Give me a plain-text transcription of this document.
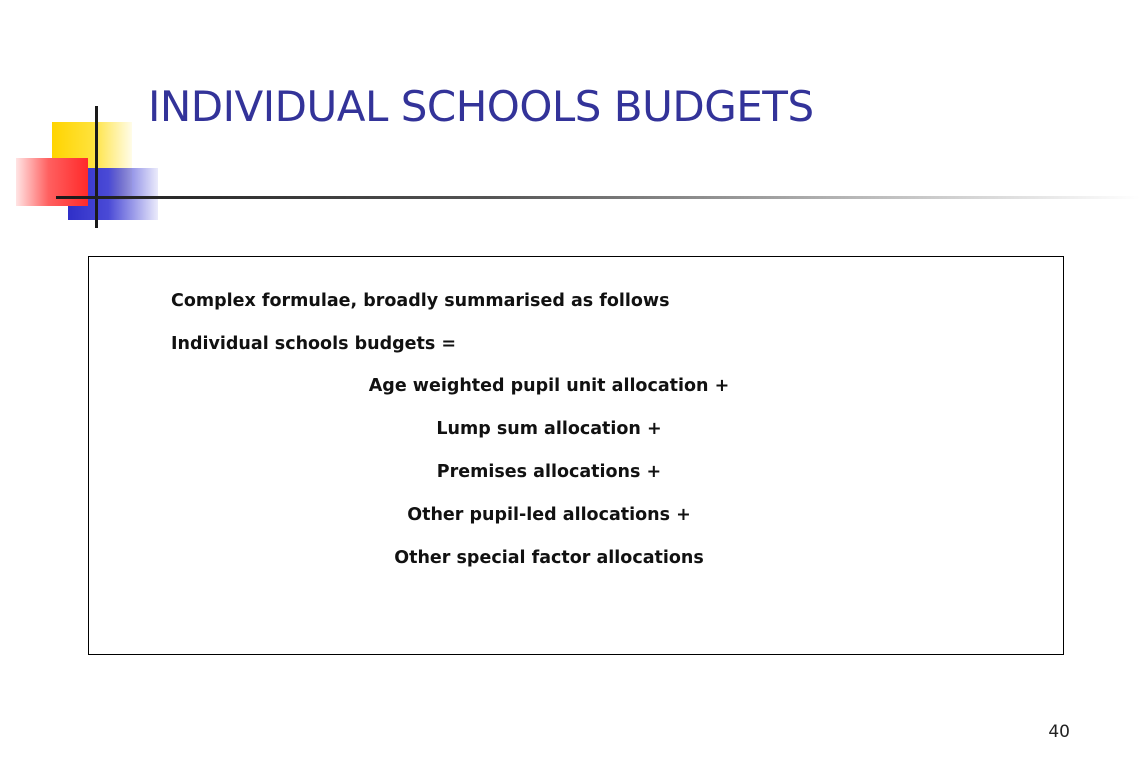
INDIVIDUAL SCHOOLS BUDGETS
Complex formulae, broadly summarised as follows
Individual schools budgets =
Age weighted pupil unit allocation +
Lump sum allocation +
Premises allocations +
Other pupil-led allocations +
Other special factor allocations
40
